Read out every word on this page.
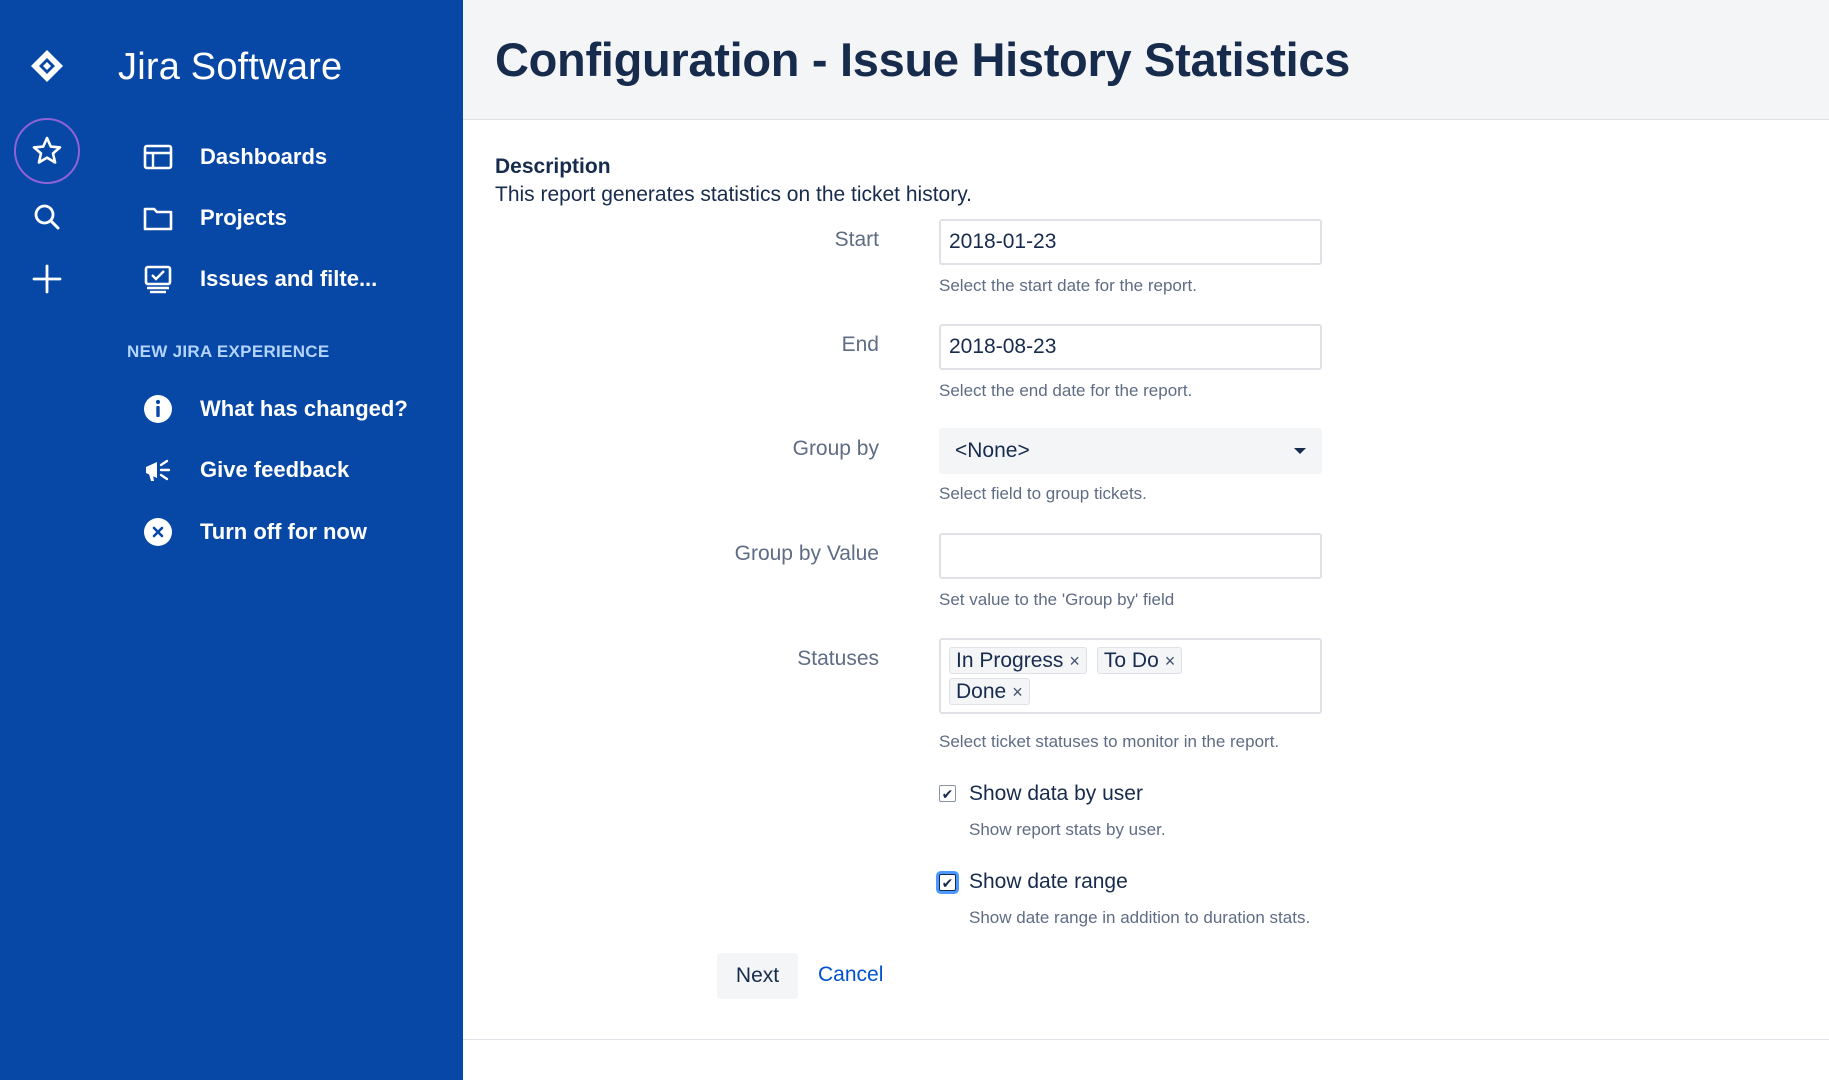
Jira Software
Dashboards
Projects
Issues and filte...
NEW JIRA EXPERIENCE
What has changed?
Give feedback
Turn off for now
Configuration - Issue History Statistics
Description
This report generates statistics on the ticket history.
Start
2018-01-23
Select the start date for the report.
End
2018-08-23
Select the end date for the report.
Group by	<None>
Select field to group tickets.
Group by Value
Set value to the 'Group by' field
Statuses	In Progress × To Do ×

Done ×
Select ticket statuses to monitor in the report.
✔ Show data by user
Show report stats by user.
✔ Show date range
Show date range in addition to duration stats.
Next	Cancel
